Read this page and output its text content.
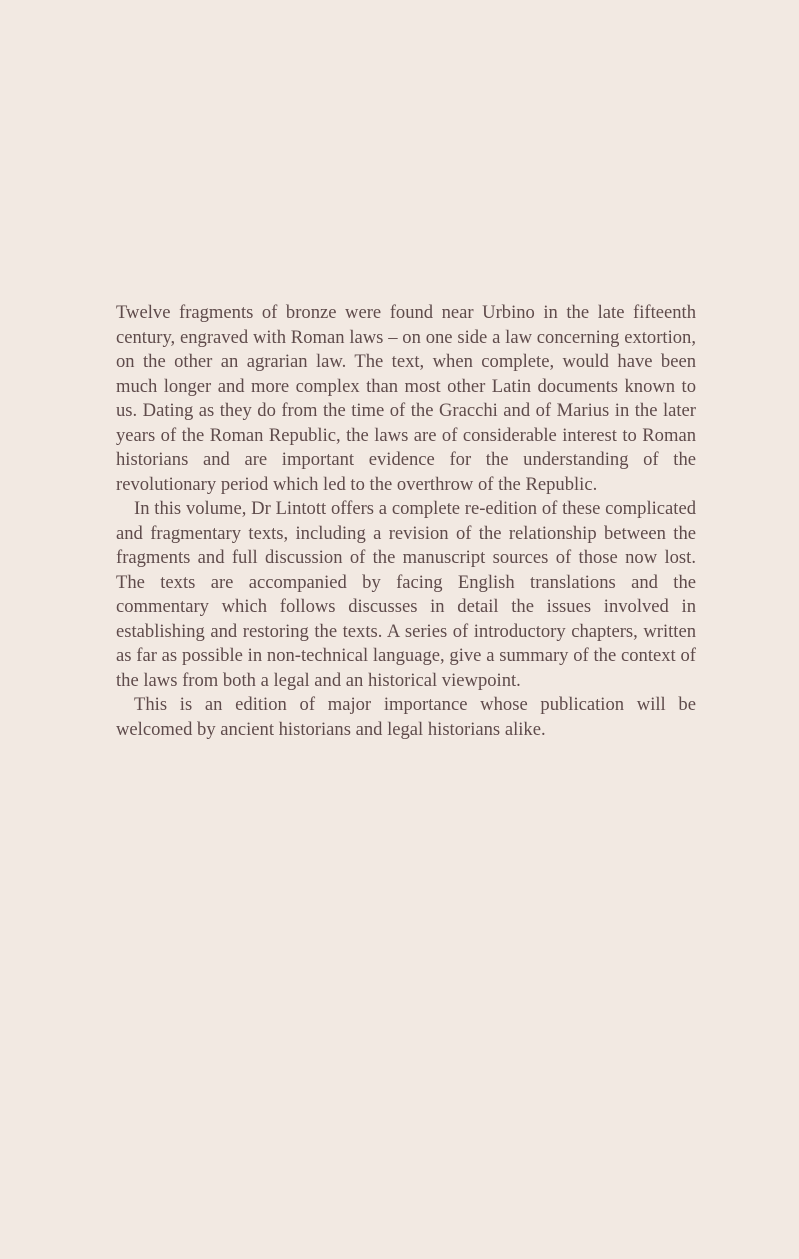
Twelve fragments of bronze were found near Urbino in the late fifteenth century, engraved with Roman laws – on one side a law concerning extortion, on the other an agrarian law. The text, when complete, would have been much longer and more complex than most other Latin documents known to us. Dating as they do from the time of the Gracchi and of Marius in the later years of the Roman Republic, the laws are of considerable interest to Roman historians and are important evidence for the understanding of the revolutionary period which led to the overthrow of the Republic.

In this volume, Dr Lintott offers a complete re-edition of these complicated and fragmentary texts, including a revision of the relationship between the fragments and full discussion of the manuscript sources of those now lost. The texts are accompanied by facing English translations and the commentary which follows discusses in detail the issues involved in establishing and restoring the texts. A series of introductory chapters, written as far as possible in non-technical language, give a summary of the context of the laws from both a legal and an historical viewpoint.

This is an edition of major importance whose publication will be welcomed by ancient historians and legal historians alike.
